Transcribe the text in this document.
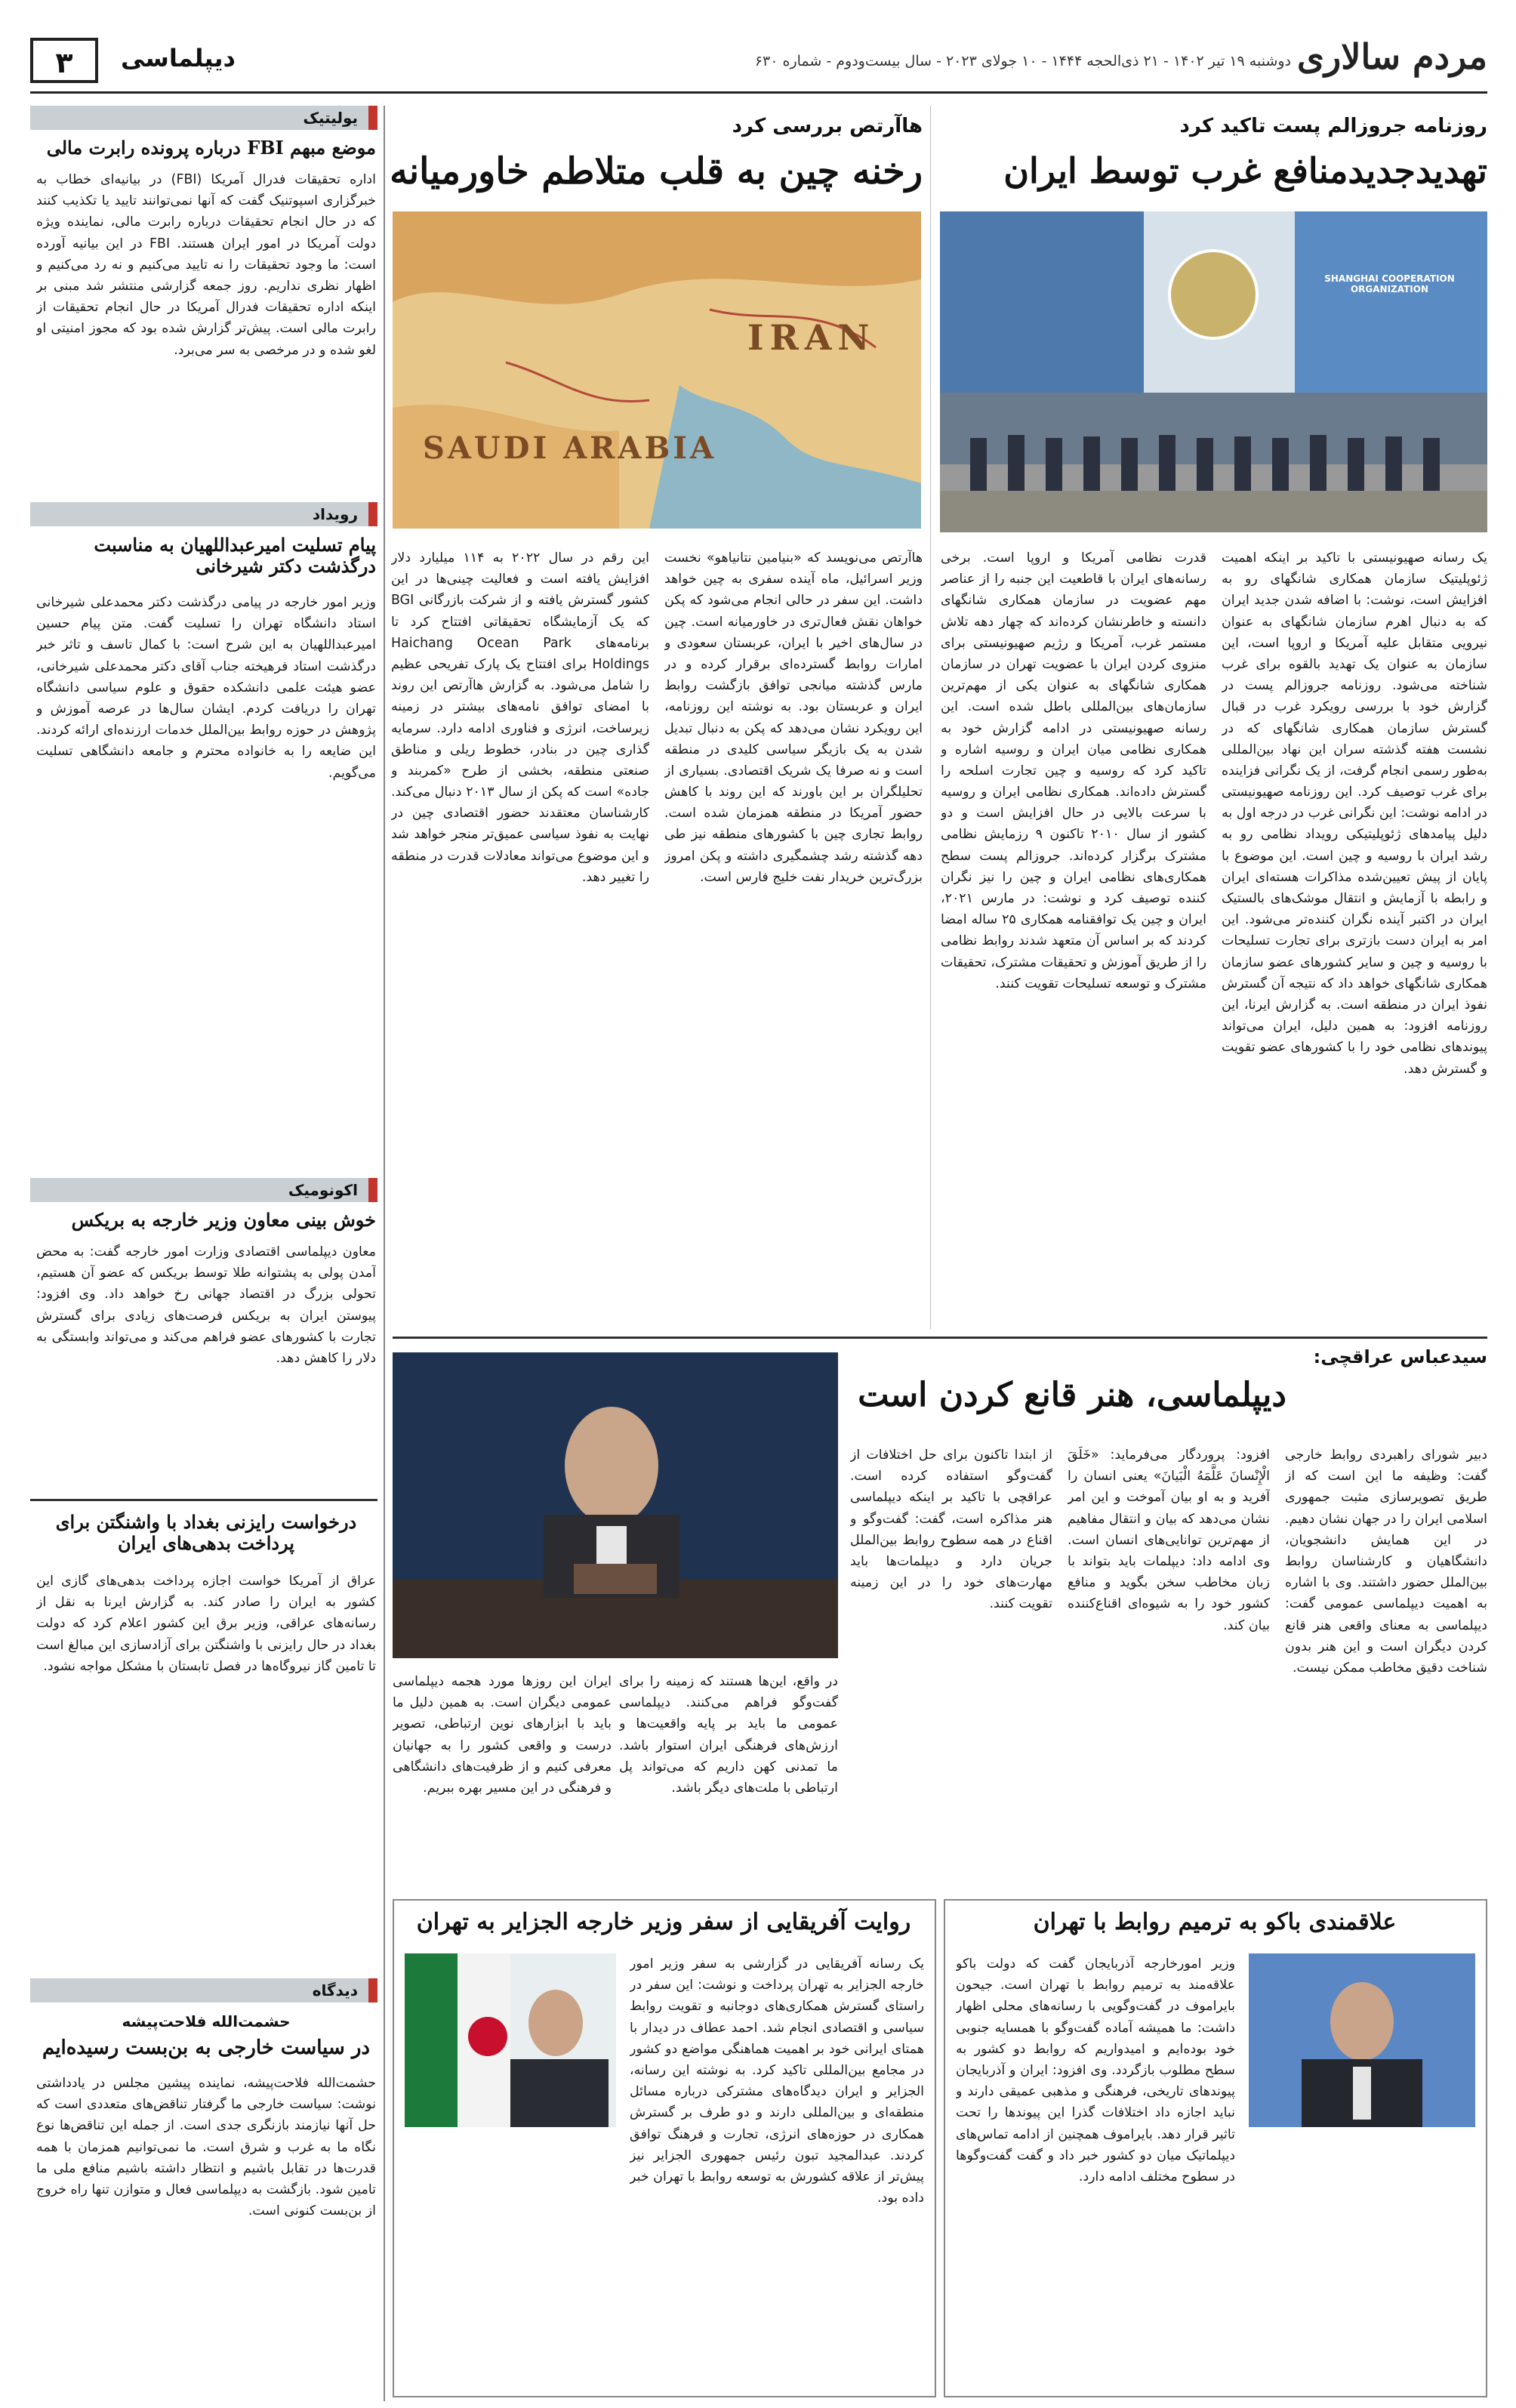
مردم سالاری
دوشنبه ۱۹ تیر ۱۴۰۲ - ۲۱ ذی‌الحجه ۱۴۴۴ - ۱۰ جولای ۲۰۲۳ - سال بیست‌ودوم - شماره ۶۳۰
دیپلماسی
۳
روزنامه جروزالم پست تاکید کرد
تهدیدجدیدمنافع غرب توسط ایران
SHANGHAI COOPERATION ORGANIZATION
یک رسانه صهیونیستی با تاکید بر اینکه اهمیت ژئوپلیتیک سازمان همکاری شانگهای رو به افزایش است، نوشت: با اضافه شدن جدید ایران که به دنبال اهرم سازمان شانگهای به عنوان نیرویی متقابل علیه آمریکا و اروپا است، این سازمان به عنوان یک تهدید بالقوه برای غرب شناخته می‌شود. روزنامه جروزالم پست در گزارش خود با بررسی رویکرد غرب در قبال گسترش سازمان همکاری شانگهای که در نشست هفته گذشته سران این نهاد بین‌المللی به‌طور رسمی انجام گرفت، از یک نگرانی فزاینده برای غرب توصیف کرد. این روزنامه صهیونیستی در ادامه نوشت: این نگرانی غرب در درجه اول به دلیل پیامدهای ژئوپلیتیکی رویداد نظامی رو به رشد ایران با روسیه و چین است. این موضوع با پایان از پیش تعیین‌شده مذاکرات هسته‌ای ایران و رابطه با آزمایش و انتقال موشک‌های بالستیک ایران در اکتبر آینده نگران کننده‌تر می‌شود. این امر به ایران دست بازتری برای تجارت تسلیحات با روسیه و چین و سایر کشورهای عضو سازمان همکاری شانگهای خواهد داد که نتیجه آن گسترش نفوذ ایران در منطقه است. به گزارش ایرنا، این روزنامه افزود: به همین دلیل، ایران می‌تواند پیوندهای نظامی خود را با کشورهای عضو تقویت و گسترش دهد.
قدرت نظامی آمریکا و اروپا است. برخی رسانه‌های ایران با قاطعیت این جنبه را از عناصر مهم عضویت در سازمان همکاری شانگهای دانسته و خاطرنشان کرده‌اند که چهار دهه تلاش مستمر غرب، آمریکا و رژیم صهیونیستی برای منزوی کردن ایران با عضویت تهران در سازمان همکاری شانگهای به عنوان یکی از مهم‌ترین سازمان‌های بین‌المللی باطل شده است. این رسانه صهیونیستی در ادامه گزارش خود به همکاری نظامی میان ایران و روسیه اشاره و تاکید کرد که روسیه و چین تجارت اسلحه را گسترش داده‌اند. همکاری نظامی ایران و روسیه با سرعت بالایی در حال افزایش است و دو کشور از سال ۲۰۱۰ تاکنون ۹ رزمایش نظامی مشترک برگزار کرده‌اند. جروزالم پست سطح همکاری‌های نظامی ایران و چین را نیز نگران کننده توصیف کرد و نوشت: در مارس ۲۰۲۱، ایران و چین یک توافقنامه همکاری ۲۵ ساله امضا کردند که بر اساس آن متعهد شدند روابط نظامی را از طریق آموزش و تحقیقات مشترک، تحقیقات مشترک و توسعه تسلیحات تقویت کنند.
هاآرتص بررسی کرد
رخنه چین به قلب متلاطم خاورمیانه
IRAN
SAUDI ARABIA
هاآرتص می‌نویسد که «بنیامین نتانیاهو» نخست وزیر اسرائیل، ماه آینده سفری به چین خواهد داشت. این سفر در حالی انجام می‌شود که پکن خواهان نقش فعال‌تری در خاورمیانه است. چین در سال‌های اخیر با ایران، عربستان سعودی و امارات روابط گسترده‌ای برقرار کرده و در مارس گذشته میانجی توافق بازگشت روابط ایران و عربستان بود. به نوشته این روزنامه، این رویکرد نشان می‌دهد که پکن به دنبال تبدیل شدن به یک بازیگر سیاسی کلیدی در منطقه است و نه صرفا یک شریک اقتصادی. بسیاری از تحلیلگران بر این باورند که این روند با کاهش حضور آمریکا در منطقه همزمان شده است. روابط تجاری چین با کشورهای منطقه نیز طی دهه گذشته رشد چشمگیری داشته و پکن امروز بزرگ‌ترین خریدار نفت خلیج فارس است.
این رقم در سال ۲۰۲۲ به ۱۱۴ میلیارد دلار افزایش یافته است و فعالیت چینی‌ها در این کشور گسترش یافته و از شرکت بازرگانی BGI که یک آزمایشگاه تحقیقاتی افتتاح کرد تا برنامه‌های Haichang Ocean Park Holdings برای افتتاح یک پارک تفریحی عظیم را شامل می‌شود. به گزارش هاآرتص این روند با امضای توافق نامه‌های بیشتر در زمینه زیرساخت، انرژی و فناوری ادامه دارد. سرمایه گذاری چین در بنادر، خطوط ریلی و مناطق صنعتی منطقه، بخشی از طرح «کمربند و جاده» است که پکن از سال ۲۰۱۳ دنبال می‌کند. کارشناسان معتقدند حضور اقتصادی چین در نهایت به نفوذ سیاسی عمیق‌تر منجر خواهد شد و این موضوع می‌تواند معادلات قدرت در منطقه را تغییر دهد.
سیدعباس عراقچی:
دیپلماسی، هنر قانع کردن است
دبیر شورای راهبردی روابط خارجی گفت: وظیفه ما این است که از طریق تصویرسازی مثبت جمهوری اسلامی ایران را در جهان نشان دهیم. در این همایش دانشجویان، دانشگاهیان و کارشناسان روابط بین‌الملل حضور داشتند. وی با اشاره به اهمیت دیپلماسی عمومی گفت: دیپلماسی به معنای واقعی هنر قانع کردن دیگران است و این هنر بدون شناخت دقیق مخاطب ممکن نیست.
افزود: پروردگار می‌فرماید: «خَلَقَ الْإِنْسانَ عَلَّمَهُ الْبَيانَ» یعنی انسان را آفرید و به او بیان آموخت و این امر نشان می‌دهد که بیان و انتقال مفاهیم از مهم‌ترین توانایی‌های انسان است. وی ادامه داد: دیپلمات باید بتواند با زبان مخاطب سخن بگوید و منافع کشور خود را به شیوه‌ای اقناع‌کننده بیان کند.
از ابتدا تاکنون برای حل اختلافات از گفت‌وگو استفاده کرده است. عراقچی با تاکید بر اینکه دیپلماسی هنر مذاکره است، گفت: گفت‌وگو و اقناع در همه سطوح روابط بین‌الملل جریان دارد و دیپلمات‌ها باید مهارت‌های خود را در این زمینه تقویت کنند.
در واقع، این‌ها هستند که زمینه را برای گفت‌وگو فراهم می‌کنند. دیپلماسی عمومی ما باید بر پایه واقعیت‌ها و ارزش‌های فرهنگی ایران استوار باشد. ما تمدنی کهن داریم که می‌تواند پل ارتباطی با ملت‌های دیگر باشد.
ایران این روزها مورد هجمه دیپلماسی عمومی دیگران است. به همین دلیل ما باید با ابزارهای نوین ارتباطی، تصویر درست و واقعی کشور را به جهانیان معرفی کنیم و از ظرفیت‌های دانشگاهی و فرهنگی در این مسیر بهره ببریم.
علاقمندی باکو به ترمیم روابط با تهران
وزیر امورخارجه آذربایجان گفت که دولت باکو علاقه‌مند به ترمیم روابط با تهران است. جیحون بایراموف در گفت‌وگویی با رسانه‌های محلی اظهار داشت: ما همیشه آماده گفت‌وگو با همسایه جنوبی خود بوده‌ایم و امیدواریم که روابط دو کشور به سطح مطلوب بازگردد. وی افزود: ایران و آذربایجان پیوندهای تاریخی، فرهنگی و مذهبی عمیقی دارند و نباید اجازه داد اختلافات گذرا این پیوندها را تحت تاثیر قرار دهد. بایراموف همچنین از ادامه تماس‌های دیپلماتیک میان دو کشور خبر داد و گفت گفت‌وگوها در سطوح مختلف ادامه دارد.
روایت آفریقایی از سفر وزیر خارجه الجزایر به تهران
یک رسانه آفریقایی در گزارشی به سفر وزیر امور خارجه الجزایر به تهران پرداخت و نوشت: این سفر در راستای گسترش همکاری‌های دوجانبه و تقویت روابط سیاسی و اقتصادی انجام شد. احمد عطاف در دیدار با همتای ایرانی خود بر اهمیت هماهنگی مواضع دو کشور در مجامع بین‌المللی تاکید کرد. به نوشته این رسانه، الجزایر و ایران دیدگاه‌های مشترکی درباره مسائل منطقه‌ای و بین‌المللی دارند و دو طرف بر گسترش همکاری در حوزه‌های انرژی، تجارت و فرهنگ توافق کردند. عبدالمجید تبون رئیس جمهوری الجزایر نیز پیش‌تر از علاقه کشورش به توسعه روابط با تهران خبر داده بود.
یولیتیک
موضع مبهم FBI درباره پرونده رابرت مالی
اداره تحقیقات فدرال آمریکا (FBI) در بیانیه‌ای خطاب به خبرگزاری اسپوتنیک گفت که آنها نمی‌توانند تایید یا تکذیب کنند که در حال انجام تحقیقات درباره رابرت مالی، نماینده ویژه دولت آمریکا در امور ایران هستند. FBI در این بیانیه آورده است: ما وجود تحقیقات را نه تایید می‌کنیم و نه رد می‌کنیم و اظهار نظری نداریم. روز جمعه گزارشی منتشر شد مبنی بر اینکه اداره تحقیقات فدرال آمریکا در حال انجام تحقیقات از رابرت مالی است. پیش‌تر گزارش شده بود که مجوز امنیتی او لغو شده و در مرخصی به سر می‌برد.
رویداد
پیام تسلیت امیرعبداللهیان به مناسبت درگذشت دکتر شیرخانی
وزیر امور خارجه در پیامی درگذشت دکتر محمدعلی شیرخانی استاد دانشگاه تهران را تسلیت گفت. متن پیام حسین امیرعبداللهیان به این شرح است: با کمال تاسف و تاثر خبر درگذشت استاد فرهیخته جناب آقای دکتر محمدعلی شیرخانی، عضو هیئت علمی دانشکده حقوق و علوم سیاسی دانشگاه تهران را دریافت کردم. ایشان سال‌ها در عرصه آموزش و پژوهش در حوزه روابط بین‌الملل خدمات ارزنده‌ای ارائه کردند. این ضایعه را به خانواده محترم و جامعه دانشگاهی تسلیت می‌گویم.
اکونومیک
خوش بینی معاون وزیر خارجه به بریکس
معاون دیپلماسی اقتصادی وزارت امور خارجه گفت: به محض آمدن پولی به پشتوانه طلا توسط بریکس که عضو آن هستیم، تحولی بزرگ در اقتصاد جهانی رخ خواهد داد. وی افزود: پیوستن ایران به بریکس فرصت‌های زیادی برای گسترش تجارت با کشورهای عضو فراهم می‌کند و می‌تواند وابستگی به دلار را کاهش دهد.
درخواست رایزنی بغداد با واشنگتن برای پرداخت بدهی‌های ایران
عراق از آمریکا خواست اجازه پرداخت بدهی‌های گازی این کشور به ایران را صادر کند. به گزارش ایرنا به نقل از رسانه‌های عراقی، وزیر برق این کشور اعلام کرد که دولت بغداد در حال رایزنی با واشنگتن برای آزادسازی این مبالغ است تا تامین گاز نیروگاه‌ها در فصل تابستان با مشکل مواجه نشود.
دیدگاه
حشمت‌الله فلاحت‌پیشه
در سیاست خارجی به بن‌بست رسیده‌ایم
حشمت‌الله فلاحت‌پیشه، نماینده پیشین مجلس در یادداشتی نوشت: سیاست خارجی ما گرفتار تناقض‌های متعددی است که حل آنها نیازمند بازنگری جدی است. از جمله این تناقض‌ها نوع نگاه ما به غرب و شرق است. ما نمی‌توانیم همزمان با همه قدرت‌ها در تقابل باشیم و انتظار داشته باشیم منافع ملی ما تامین شود. بازگشت به دیپلماسی فعال و متوازن تنها راه خروج از بن‌بست کنونی است.
